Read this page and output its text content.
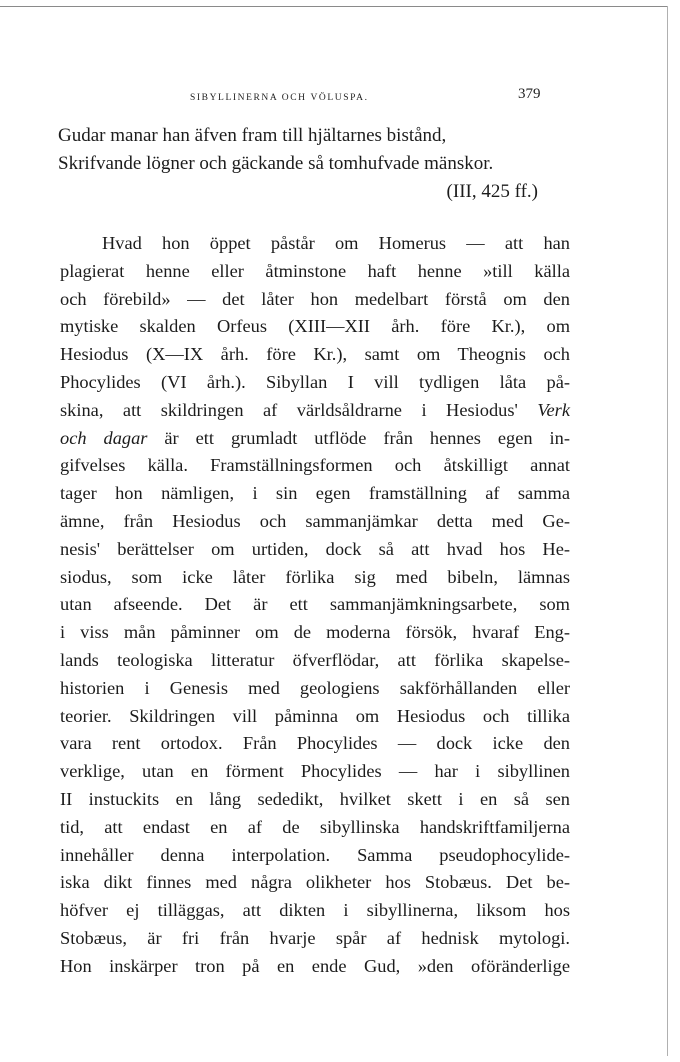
SIBYLLINERNA OCH VÖLUSPA.	379
Gudar manar han äfven fram till hjältarnes bistånd,
Skrifvande lögner och gäckande så tomhufvade mänskor.
(III, 425 ff.)
Hvad hon öppet påstår om Homerus — att han
plagierat henne eller åtminstone haft henne »till källa
och förebild» — det låter hon medelbart förstå om den
mytiske skalden Orfeus (XIII—XII årh. före Kr.), om
Hesiodus (X—IX årh. före Kr.), samt om Theognis och
Phocylides (VI årh.). Sibyllan I vill tydligen låta på-
skina, att skildringen af världsåldrarne i Hesiodus' Verk
och dagar är ett grumladt utflöde från hennes egen in-
gifvelses källa. Framställningsformen och åtskilligt annat
tager hon nämligen, i sin egen framställning af samma
ämne, från Hesiodus och sammanjämkar detta med Ge-
nesis' berättelser om urtiden, dock så att hvad hos He-
siodus, som icke låter förlika sig med bibeln, lämnas
utan afseende. Det är ett sammanjämkningsarbete, som
i viss mån påminner om de moderna försök, hvaraf Eng-
lands teologiska litteratur öfverflödar, att förlika skapelse-
historien i Genesis med geologiens sakförhållanden eller
teorier. Skildringen vill påminna om Hesiodus och tillika
vara rent ortodox. Från Phocylides — dock icke den
verklige, utan en förment Phocylides — har i sibyllinen
II instuckits en lång sededikt, hvilket skett i en så sen
tid, att endast en af de sibyllinska handskriftfamiljerna
innehåller denna interpolation. Samma pseudophocylide-
iska dikt finnes med några olikheter hos Stobæus. Det be-
höfver ej tilläggas, att dikten i sibyllinerna, liksom hos
Stobæus, är fri från hvarje spår af hednisk mytologi.
Hon inskärper tron på en ende Gud, »den oföränderlige
